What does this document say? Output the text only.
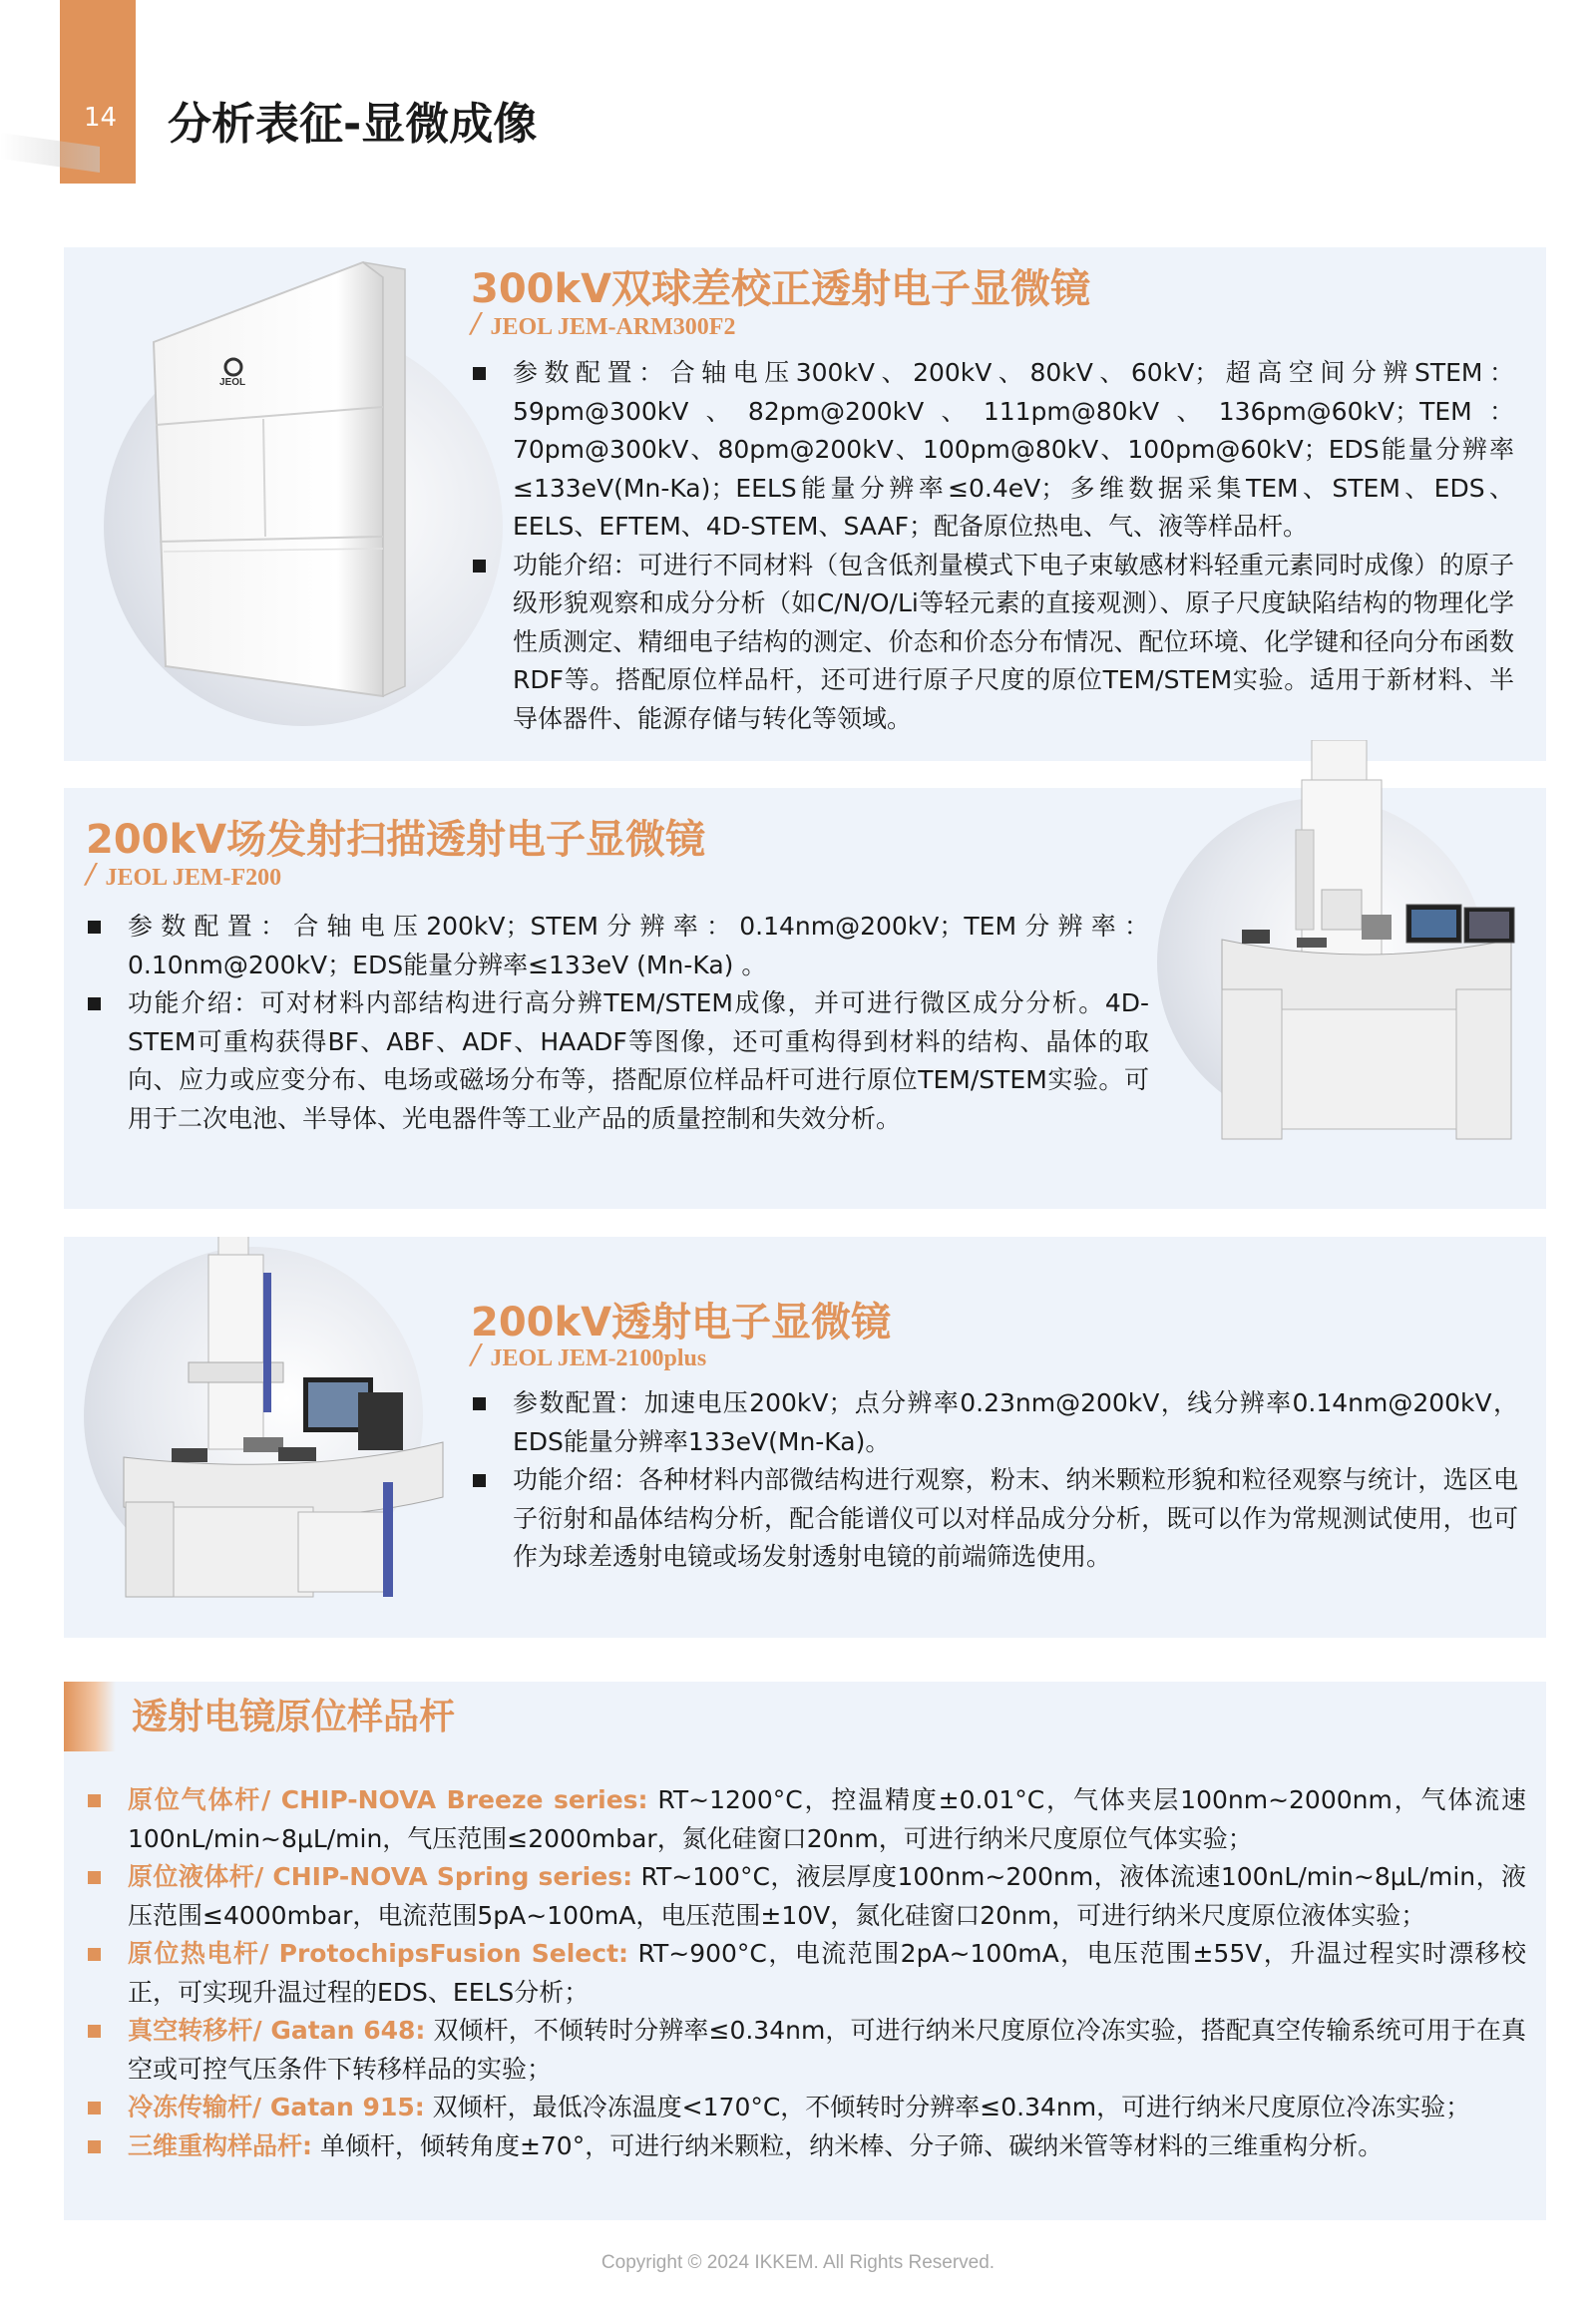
14 分析表征-显微成像
JEOL
300kV双球差校正透射电子显微镜
/ JEOL JEM-ARM300F2
参数配置：合轴电压300kV、200kV、80kV、60kV；超高空间分辨STEM：59pm@300kV、82pm@200kV、111pm@80kV、136pm@60kV；TEM：70pm@300kV、80pm@200kV、100pm@80kV、100pm@60kV；EDS能量分辨率≤133eV(Mn-Ka)；EELS能量分辨率≤0.4eV；多维数据采集TEM、STEM、EDS、EELS、EFTEM、4D-STEM、SAAF；配备原位热电、气、液等样品杆。
功能介绍：可进行不同材料（包含低剂量模式下电子束敏感材料轻重元素同时成像）的原子级形貌观察和成分分析（如C/N/O/Li等轻元素的直接观测）、原子尺度缺陷结构的物理化学性质测定、精细电子结构的测定、价态和价态分布情况、配位环境、化学键和径向分布函数RDF等。搭配原位样品杆，还可进行原子尺度的原位TEM/STEM实验。适用于新材料、半导体器件、能源存储与转化等领域。
200kV场发射扫描透射电子显微镜
/ JEOL JEM-F200
参数配置：合轴电压200kV；STEM分辨率：0.14nm@200kV；TEM分辨率：0.10nm@200kV；EDS能量分辨率≤133eV (Mn-Ka) 。
功能介绍：可对材料内部结构进行高分辨TEM/STEM成像，并可进行微区成分分析。4D-STEM可重构获得BF、ABF、ADF、HAADF等图像，还可重构得到材料的结构、晶体的取向、应力或应变分布、电场或磁场分布等，搭配原位样品杆可进行原位TEM/STEM实验。可用于二次电池、半导体、光电器件等工业产品的质量控制和失效分析。
200kV透射电子显微镜
/ JEOL JEM-2100plus
参数配置：加速电压200kV；点分辨率0.23nm@200kV，线分辨率0.14nm@200kV，EDS能量分辨率133eV(Mn-Ka)。
功能介绍：各种材料内部微结构进行观察，粉末、纳米颗粒形貌和粒径观察与统计，选区电子衍射和晶体结构分析，配合能谱仪可以对样品成分分析，既可以作为常规测试使用，也可作为球差透射电镜或场发射透射电镜的前端筛选使用。
原位气体杆/ CHIP-NOVA Breeze series: RT~1200°C，控温精度±0.01°C，气体夹层100nm~2000nm，气体流速100nL/min~8μL/min，气压范围≤2000mbar，氮化硅窗口20nm，可进行纳米尺度原位气体实验；
原位液体杆/ CHIP-NOVA Spring series: RT~100°C，液层厚度100nm~200nm，液体流速100nL/min~8μL/min，液压范围≤4000mbar，电流范围5pA~100mA，电压范围±10V，氮化硅窗口20nm，可进行纳米尺度原位液体实验；
原位热电杆/ ProtochipsFusion Select: RT~900°C，电流范围2pA~100mA，电压范围±55V，升温过程实时漂移校正，可实现升温过程的EDS、EELS分析；
真空转移杆/ Gatan 648: 双倾杆，不倾转时分辨率≤0.34nm，可进行纳米尺度原位冷冻实验，搭配真空传输系统可用于在真空或可控气压条件下转移样品的实验；
冷冻传输杆/ Gatan 915: 双倾杆，最低冷冻温度<170°C，不倾转时分辨率≤0.34nm，可进行纳米尺度原位冷冻实验；
三维重构样品杆: 单倾杆，倾转角度±70°，可进行纳米颗粒，纳米棒、分子筛、碳纳米管等材料的三维重构分析。
透射电镜原位样品杆
Copyright © 2024 IKKEM. All Rights Reserved.
